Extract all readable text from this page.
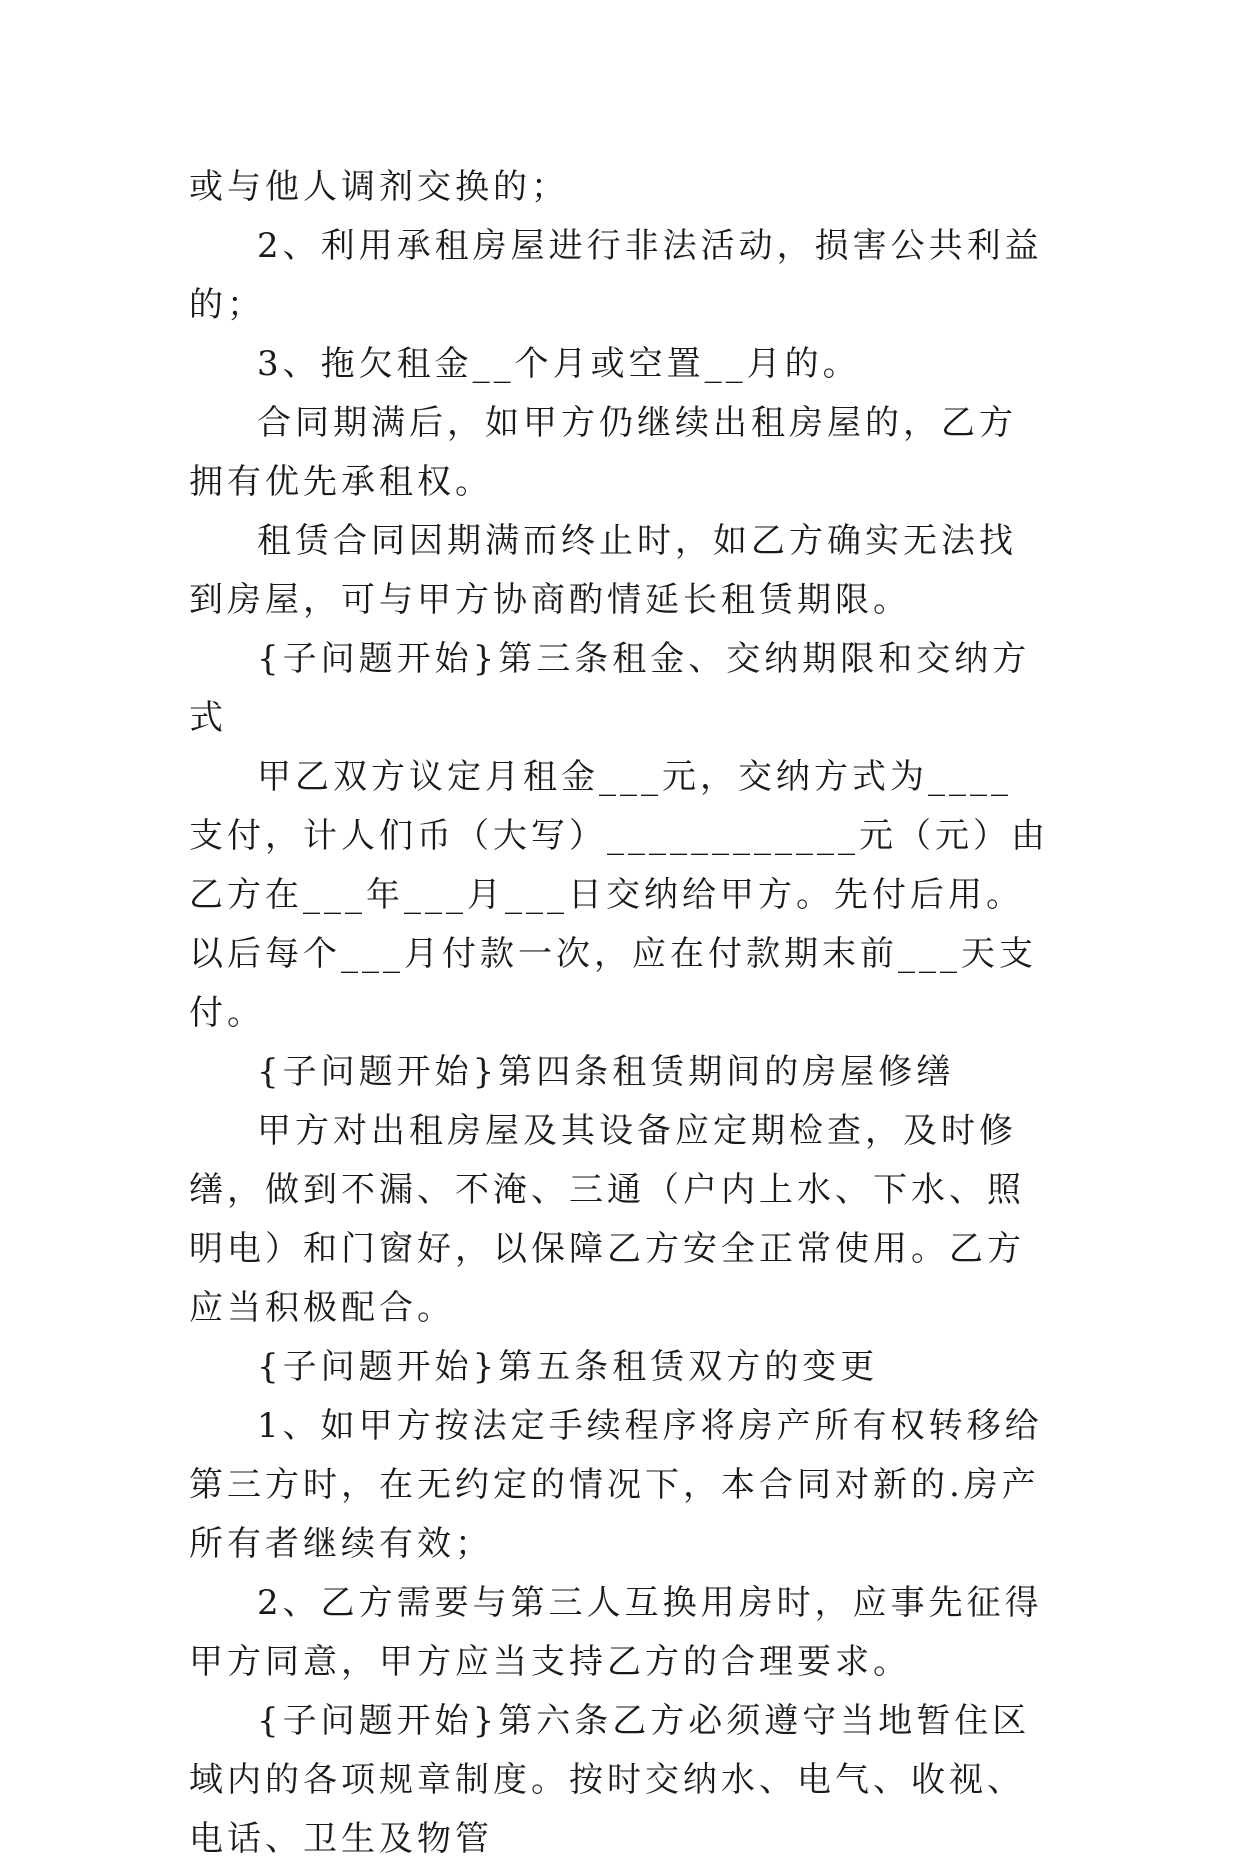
或与他人调剂交换的；

2、利用承租房屋进行非法活动，损害公共利益的；

3、拖欠租金__个月或空置__月的。

合同期满后，如甲方仍继续出租房屋的，乙方拥有优先承租权。

租赁合同因期满而终止时，如乙方确实无法找到房屋，可与甲方协商酌情延长租赁期限。

{子问题开始}第三条租金、交纳期限和交纳方式

甲乙双方议定月租金___元，交纳方式为____支付，计人们币（大写）____________元（元）由乙方在___年___月___日交纳给甲方。先付后用。以后每个___月付款一次，应在付款期末前___天支付。

{子问题开始}第四条租赁期间的房屋修缮

甲方对出租房屋及其设备应定期检查，及时修缮，做到不漏、不淹、三通（户内上水、下水、照明电）和门窗好，以保障乙方安全正常使用。乙方应当积极配合。

{子问题开始}第五条租赁双方的变更

1、如甲方按法定手续程序将房产所有权转移给第三方时，在无约定的情况下，本合同对新的.房产所有者继续有效；

2、乙方需要与第三人互换用房时，应事先征得甲方同意，甲方应当支持乙方的合理要求。

{子问题开始}第六条乙方必须遵守当地暂住区域内的各项规章制度。按时交纳水、电气、收视、电话、卫生及物管
